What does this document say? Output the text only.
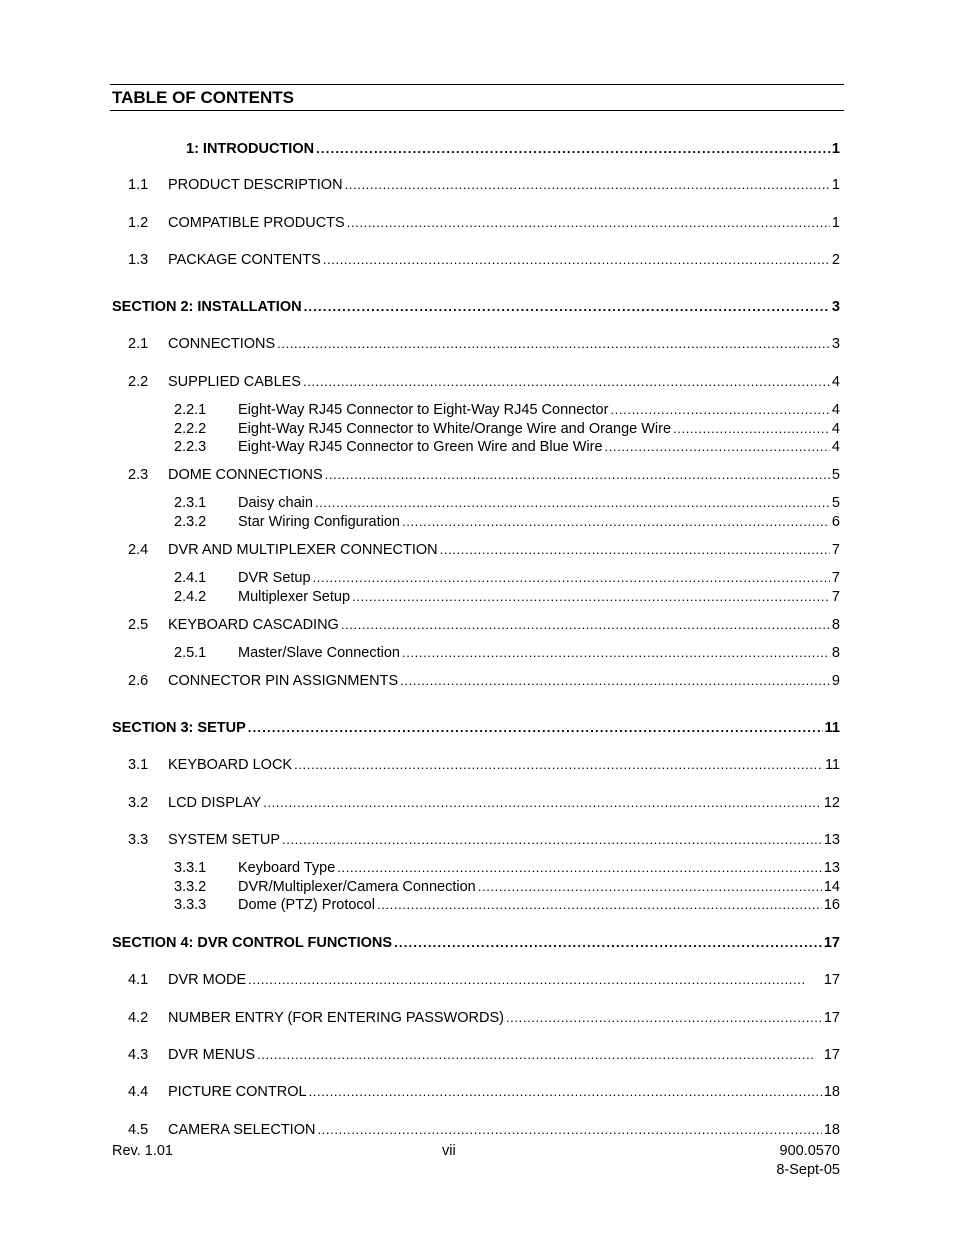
TABLE OF CONTENTS
1: INTRODUCTION . . .	1
1.1 PRODUCT DESCRIPTION . . .	1
1.2 COMPATIBLE PRODUCTS . . .	1
1.3 PACKAGE CONTENTS . . .	2
SECTION 2: INSTALLATION . . .	3
2.1 CONNECTIONS . . .	3
2.2 SUPPLIED CABLES . . .	4
2.2.1 Eight-Way RJ45 Connector to Eight-Way RJ45 Connector . . .	4
2.2.2 Eight-Way RJ45 Connector to White/Orange Wire and Orange Wire . . .	4
2.2.3 Eight-Way RJ45 Connector to Green Wire and Blue Wire . . .	4
2.3 DOME CONNECTIONS . . .	5
2.3.1 Daisy chain . . .	5
2.3.2 Star Wiring Configuration . . .	6
2.4 DVR AND MULTIPLEXER CONNECTION . . .	7
2.4.1 DVR Setup . . .	7
2.4.2 Multiplexer Setup . . .	7
2.5 KEYBOARD CASCADING . . .	8
2.5.1 Master/Slave Connection . . .	8
2.6 CONNECTOR PIN ASSIGNMENTS . . .	9
SECTION 3: SETUP . . .	11
3.1 KEYBOARD LOCK . . .	11
3.2 LCD DISPLAY . . .	12
3.3 SYSTEM SETUP . . .	13
3.3.1 Keyboard Type . . .	13
3.3.2 DVR/Multiplexer/Camera Connection . . .	14
3.3.3 Dome (PTZ) Protocol . . .	16
SECTION 4: DVR CONTROL FUNCTIONS . . .	17
4.1 DVR MODE . . .	17
4.2 NUMBER ENTRY (FOR ENTERING PASSWORDS) . . .	17
4.3 DVR MENUS . . .	17
4.4 PICTURE CONTROL . . .	18
4.5 CAMERA SELECTION . . .	18
Rev. 1.01	vii	900.0570
8-Sept-05
